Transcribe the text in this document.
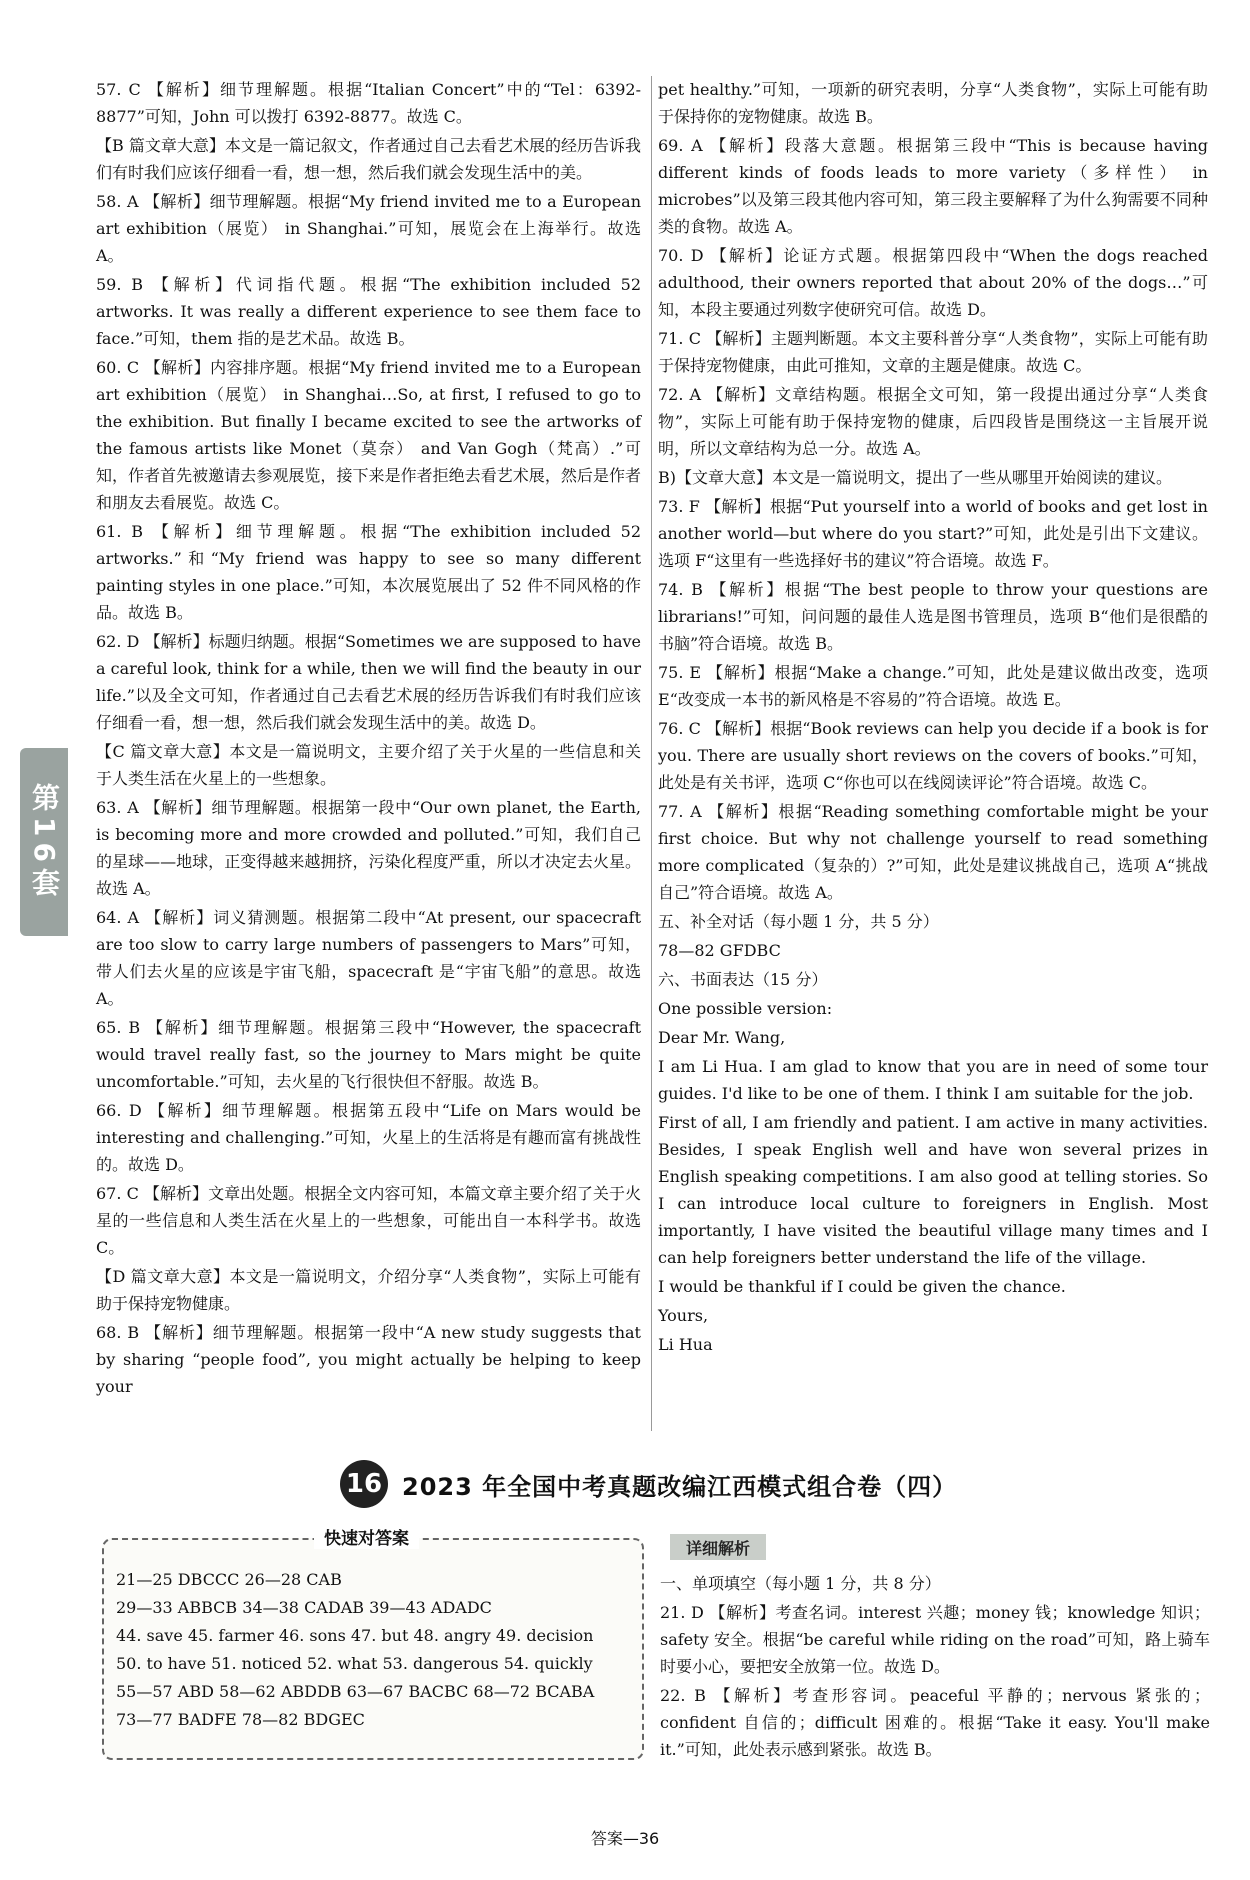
57. C 【解析】细节理解题。根据“Italian Concert”中的“Tel：6392-8877”可知，John 可以拨打 6392-8877。故选 C。

【B 篇文章大意】本文是一篇记叙文，作者通过自己去看艺术展的经历告诉我们有时我们应该仔细看一看，想一想，然后我们就会发现生活中的美。

58. A 【解析】细节理解题。根据“My friend invited me to a European art exhibition（展览） in Shanghai.”可知，展览会在上海举行。故选 A。

59. B 【解析】代词指代题。根据“The exhibition included 52 artworks. It was really a different experience to see them face to face.”可知，them 指的是艺术品。故选 B。

60. C 【解析】内容排序题。根据“My friend invited me to a European art exhibition（展览） in Shanghai…So, at first, I refused to go to the exhibition. But finally I became excited to see the artworks of the famous artists like Monet（莫奈） and Van Gogh（梵高）.”可知，作者首先被邀请去参观展览，接下来是作者拒绝去看艺术展，然后是作者和朋友去看展览。故选 C。

61. B 【解析】细节理解题。根据“The exhibition included 52 artworks.”和“My friend was happy to see so many different painting styles in one place.”可知，本次展览展出了 52 件不同风格的作品。故选 B。

62. D 【解析】标题归纳题。根据“Sometimes we are supposed to have a careful look, think for a while, then we will find the beauty in our life.”以及全文可知，作者通过自己去看艺术展的经历告诉我们有时我们应该仔细看一看，想一想，然后我们就会发现生活中的美。故选 D。

【C 篇文章大意】本文是一篇说明文，主要介绍了关于火星的一些信息和关于人类生活在火星上的一些想象。

63. A 【解析】细节理解题。根据第一段中“Our own planet, the Earth, is becoming more and more crowded and polluted.”可知，我们自己的星球——地球，正变得越来越拥挤，污染化程度严重，所以才决定去火星。故选 A。

64. A 【解析】词义猜测题。根据第二段中“At present, our spacecraft are too slow to carry large numbers of passengers to Mars”可知，带人们去火星的应该是宇宙飞船，spacecraft 是“宇宙飞船”的意思。故选 A。

65. B 【解析】细节理解题。根据第三段中“However, the spacecraft would travel really fast, so the journey to Mars might be quite uncomfortable.”可知，去火星的飞行很快但不舒服。故选 B。

66. D 【解析】细节理解题。根据第五段中“Life on Mars would be interesting and challenging.”可知，火星上的生活将是有趣而富有挑战性的。故选 D。

67. C 【解析】文章出处题。根据全文内容可知，本篇文章主要介绍了关于火星的一些信息和人类生活在火星上的一些想象，可能出自一本科学书。故选 C。

【D 篇文章大意】本文是一篇说明文，介绍分享“人类食物”，实际上可能有助于保持宠物健康。

68. B 【解析】细节理解题。根据第一段中“A new study suggests that by sharing “people food”, you might actually be helping to keep your

pet healthy.”可知，一项新的研究表明，分享“人类食物”，实际上可能有助于保持你的宠物健康。故选 B。

69. A 【解析】段落大意题。根据第三段中“This is because having different kinds of foods leads to more variety（多样性） in microbes”以及第三段其他内容可知，第三段主要解释了为什么狗需要不同种类的食物。故选 A。

70. D 【解析】论证方式题。根据第四段中“When the dogs reached adulthood, their owners reported that about 20% of the dogs…”可知，本段主要通过列数字使研究可信。故选 D。

71. C 【解析】主题判断题。本文主要科普分享“人类食物”，实际上可能有助于保持宠物健康，由此可推知，文章的主题是健康。故选 C。

72. A 【解析】文章结构题。根据全文可知，第一段提出通过分享“人类食物”，实际上可能有助于保持宠物的健康，后四段皆是围绕这一主旨展开说明，所以文章结构为总一分。故选 A。

B)【文章大意】本文是一篇说明文，提出了一些从哪里开始阅读的建议。

73. F 【解析】根据“Put yourself into a world of books and get lost in another world—but where do you start?”可知，此处是引出下文建议。选项 F“这里有一些选择好书的建议”符合语境。故选 F。

74. B 【解析】根据“The best people to throw your questions are librarians!”可知，问问题的最佳人选是图书管理员，选项 B“他们是很酷的书脑”符合语境。故选 B。

75. E 【解析】根据“Make a change.”可知，此处是建议做出改变，选项 E“改变成一本书的新风格是不容易的”符合语境。故选 E。

76. C 【解析】根据“Book reviews can help you decide if a book is for you. There are usually short reviews on the covers of books.”可知，此处是有关书评，选项 C“你也可以在线阅读评论”符合语境。故选 C。

77. A 【解析】根据“Reading something comfortable might be your first choice. But why not challenge yourself to read something more complicated（复杂的）?”可知，此处是建议挑战自己，选项 A“挑战自己”符合语境。故选 A。

五、补全对话（每小题 1 分，共 5 分）

78—82 GFDBC

六、书面表达（15 分）

One possible version:

Dear Mr. Wang,

I am Li Hua. I am glad to know that you are in need of some tour guides. I'd like to be one of them. I think I am suitable for the job.

First of all, I am friendly and patient. I am active in many activities. Besides, I speak English well and have won several prizes in English speaking competitions. I am also good at telling stories. So I can introduce local culture to foreigners in English. Most importantly, I have visited the beautiful village many times and I can help foreigners better understand the life of the village.

I would be thankful if I could be given the chance.

Yours,

Li Hua

第16套
16 2023 年全国中考真题改编江西模式组合卷（四）
快速对答案
21—25 DBCCC 26—28 CAB
29—33 ABBCB 34—38 CADAB 39—43 ADADC
44. save 45. farmer 46. sons 47. but 48. angry 49. decision
50. to have 51. noticed 52. what 53. dangerous 54. quickly
55—57 ABD 58—62 ABDDB 63—67 BACBC 68—72 BCABA
73—77 BADFE 78—82 BDGEC
详细解析

一、单项填空（每小题 1 分，共 8 分）

21. D 【解析】考查名词。interest 兴趣；money 钱；knowledge 知识；safety 安全。根据“be careful while riding on the road”可知，路上骑车时要小心，要把安全放第一位。故选 D。

22. B 【解析】考查形容词。peaceful 平静的；nervous 紧张的；confident 自信的；difficult 困难的。根据“Take it easy. You'll make it.”可知，此处表示感到紧张。故选 B。

答案—36
